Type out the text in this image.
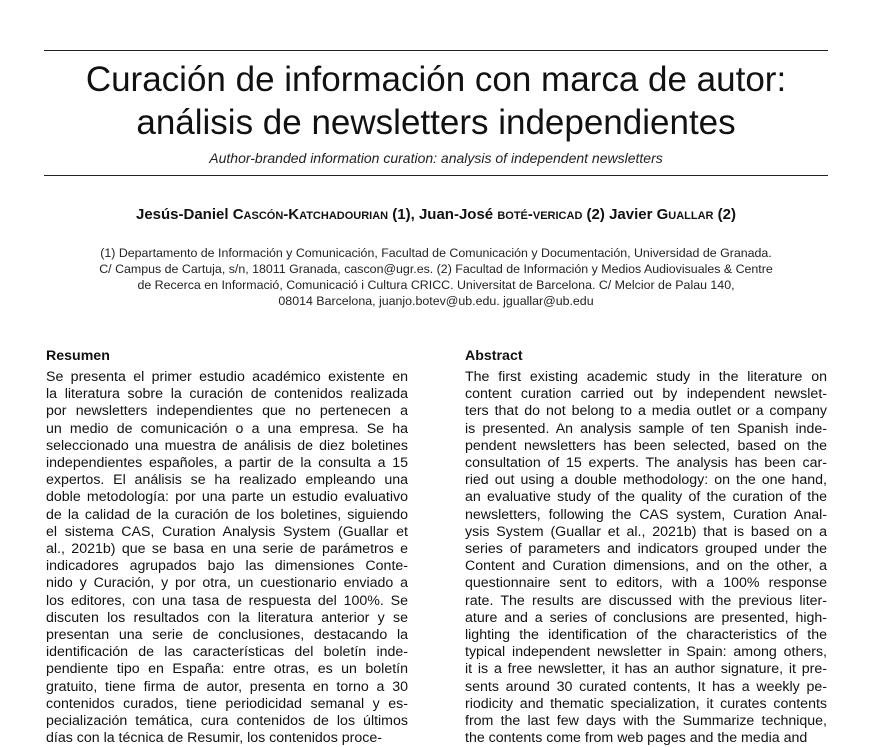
Curación de información con marca de autor:
análisis de newsletters independientes
Author-branded information curation: analysis of independent newsletters
Jesús-Daniel Cascón-Katchadourian (1), Juan-José boté-vericad (2) Javier Guallar (2)
(1) Departamento de Información y Comunicación, Facultad de Comunicación y Documentación, Universidad de Granada.
C/ Campus de Cartuja, s/n, 18011 Granada, cascon@ugr.es. (2) Facultad de Información y Medios Audiovisuales & Centre
de Recerca en Informació, Comunicació i Cultura CRICC. Universitat de Barcelona. C/ Melcior de Palau 140,
08014 Barcelona, juanjo.botev@ub.edu. jguallar@ub.edu
Resumen
Se presenta el primer estudio académico existente en
la literatura sobre la curación de contenidos realizada
por newsletters independientes que no pertenecen a
un medio de comunicación o a una empresa. Se ha
seleccionado una muestra de análisis de diez boletines
independientes españoles, a partir de la consulta a 15
expertos. El análisis se ha realizado empleando una
doble metodología: por una parte un estudio evaluativo
de la calidad de la curación de los boletines, siguiendo
el sistema CAS, Curation Analysis System (Guallar et
al., 2021b) que se basa en una serie de parámetros e
indicadores agrupados bajo las dimensiones Conte-
nido y Curación, y por otra, un cuestionario enviado a
los editores, con una tasa de respuesta del 100%. Se
discuten los resultados con la literatura anterior y se
presentan una serie de conclusiones, destacando la
identificación de las características del boletín inde-
pendiente tipo en España: entre otras, es un boletín
gratuito, tiene firma de autor, presenta en torno a 30
contenidos curados, tiene periodicidad semanal y es-
pecialización temática, cura contenidos de los últimos
días con la técnica de Resumir, los contenidos proce-
Abstract
The first existing academic study in the literature on
content curation carried out by independent newslet-
ters that do not belong to a media outlet or a company
is presented. An analysis sample of ten Spanish inde-
pendent newsletters has been selected, based on the
consultation of 15 experts. The analysis has been car-
ried out using a double methodology: on the one hand,
an evaluative study of the quality of the curation of the
newsletters, following the CAS system, Curation Anal-
ysis System (Guallar et al., 2021b) that is based on a
series of parameters and indicators grouped under the
Content and Curation dimensions, and on the other, a
questionnaire sent to editors, with a 100% response
rate. The results are discussed with the previous liter-
ature and a series of conclusions are presented, high-
lighting the identification of the characteristics of the
typical independent newsletter in Spain: among others,
it is a free newsletter, it has an author signature, it pre-
sents around 30 curated contents, It has a weekly pe-
riodicity and thematic specialization, it curates contents
from the last few days with the Summarize technique,
the contents come from web pages and the media and
